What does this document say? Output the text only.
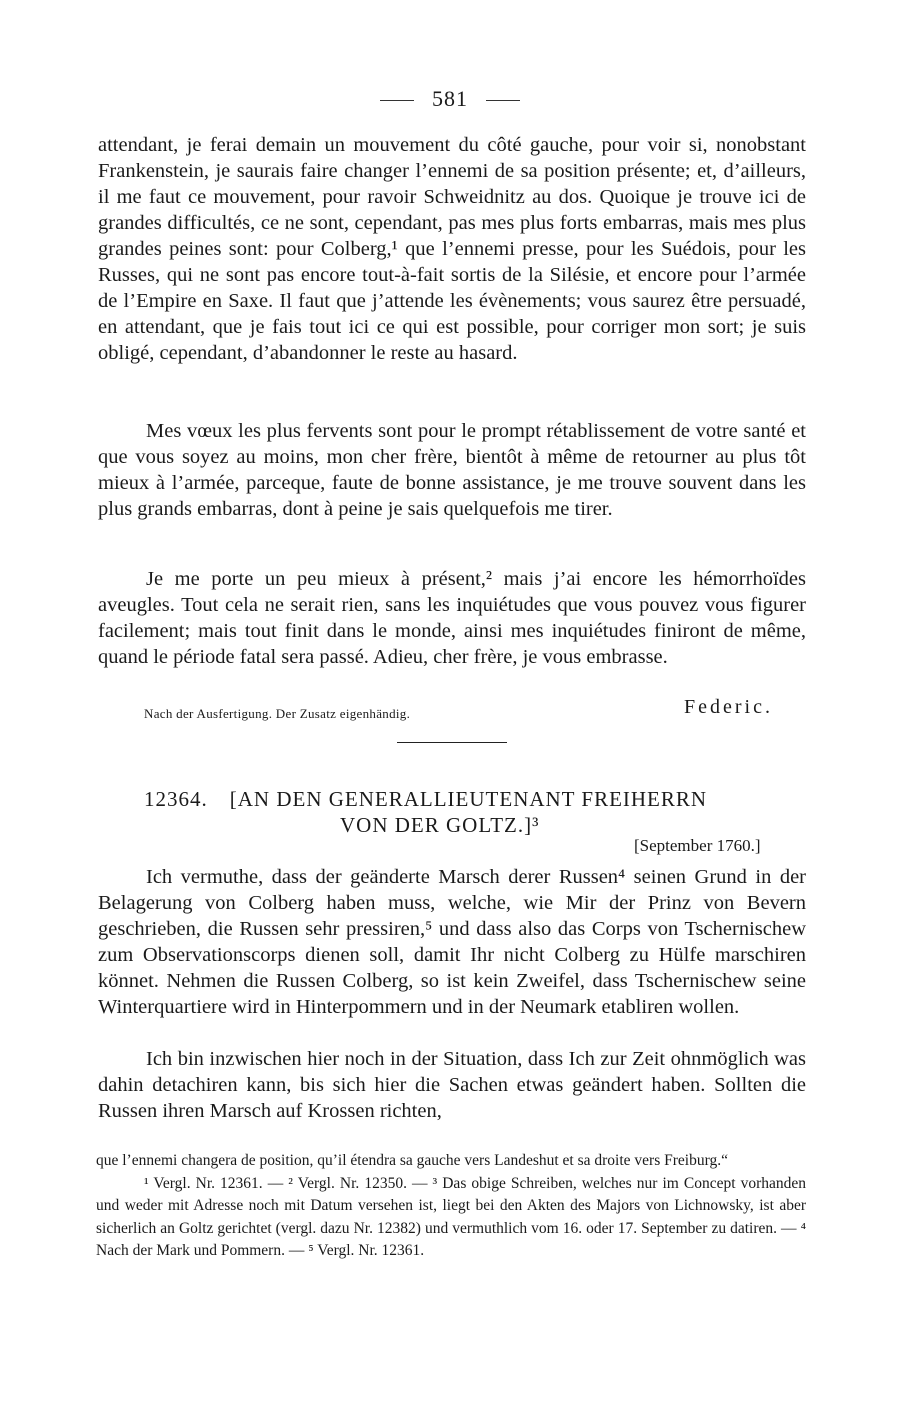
581

attendant, je ferai demain un mouvement du côté gauche, pour voir si, nonobstant Frankenstein, je saurais faire changer l’ennemi de sa position présente; et, d’ailleurs, il me faut ce mouvement, pour ravoir Schweidnitz au dos. Quoique je trouve ici de grandes difficultés, ce ne sont, cependant, pas mes plus forts embarras, mais mes plus grandes peines sont: pour Colberg,¹ que l’ennemi presse, pour les Suédois, pour les Russes, qui ne sont pas encore tout-à-fait sortis de la Silésie, et encore pour l’armée de l’Empire en Saxe. Il faut que j’attende les évènements; vous saurez être persuadé, en attendant, que je fais tout ici ce qui est possible, pour corriger mon sort; je suis obligé, cependant, d’abandonner le reste au hasard.

Mes vœux les plus fervents sont pour le prompt rétablissement de votre santé et que vous soyez au moins, mon cher frère, bientôt à même de retourner au plus tôt mieux à l’armée, parceque, faute de bonne assistance, je me trouve souvent dans les plus grands embarras, dont à peine je sais quelquefois me tirer.

Je me porte un peu mieux à présent,² mais j’ai encore les hémorrhoïdes aveugles. Tout cela ne serait rien, sans les inquiétudes que vous pouvez vous figurer facilement; mais tout finit dans le monde, ainsi mes inquiétudes finiront de même, quand le période fatal sera passé. Adieu, cher frère, je vous embrasse.

Nach der Ausfertigung. Der Zusatz eigenhändig.	Federic.
12364. [AN DEN GENERALLIEUTENANT FREIHERRN
VON DER GOLTZ.]³
[September 1760.]

Ich vermuthe, dass der geänderte Marsch derer Russen⁴ seinen Grund in der Belagerung von Colberg haben muss, welche, wie Mir der Prinz von Bevern geschrieben, die Russen sehr pressiren,⁵ und dass also das Corps von Tschernischew zum Observationscorps dienen soll, damit Ihr nicht Colberg zu Hülfe marschiren könnet. Nehmen die Russen Colberg, so ist kein Zweifel, dass Tschernischew seine Winterquartiere wird in Hinterpommern und in der Neumark etabliren wollen.

Ich bin inzwischen hier noch in der Situation, dass Ich zur Zeit ohnmöglich was dahin detachiren kann, bis sich hier die Sachen etwas geändert haben. Sollten die Russen ihren Marsch auf Krossen richten,

que l’ennemi changera de position, qu’il étendra sa gauche vers Landeshut et sa droite vers Freiburg.“

¹ Vergl. Nr. 12361. — ² Vergl. Nr. 12350. — ³ Das obige Schreiben, welches nur im Concept vorhanden und weder mit Adresse noch mit Datum versehen ist, liegt bei den Akten des Majors von Lichnowsky, ist aber sicherlich an Goltz gerichtet (vergl. dazu Nr. 12382) und vermuthlich vom 16. oder 17. September zu datiren. — ⁴ Nach der Mark und Pommern. — ⁵ Vergl. Nr. 12361.
